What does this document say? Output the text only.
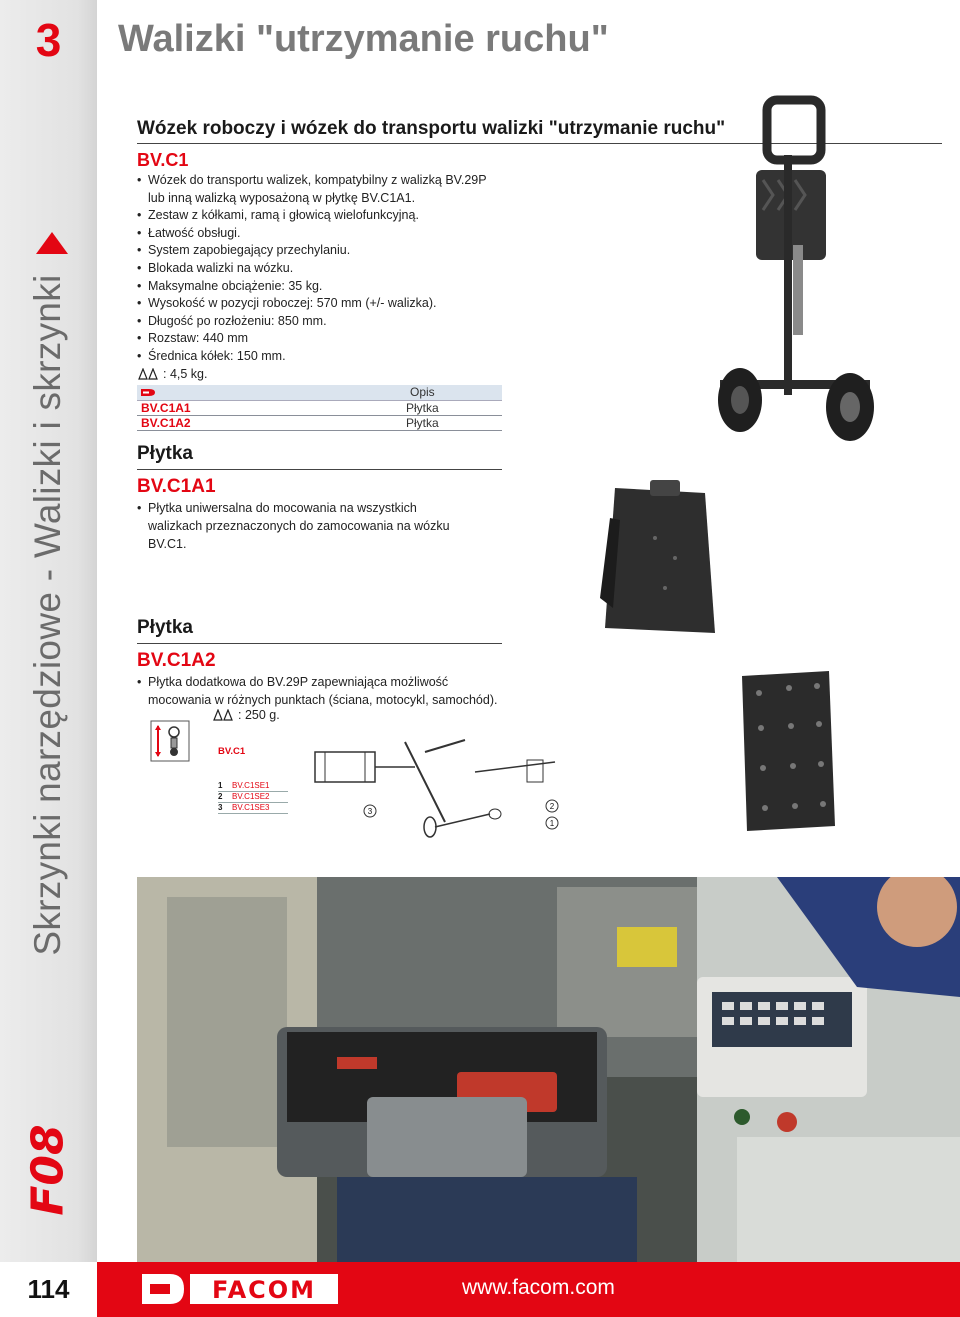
3
Skrzynki narzędziowe - Walizki i skrzynki
F08
Walizki "utrzymanie ruchu"
Wózek roboczy i wózek do transportu walizki "utrzymanie ruchu"
BV.C1
• Wózek do transportu walizek, kompatybilny z walizką BV.29P lub inną walizką wyposażoną w płytkę BV.C1A1.
• Zestaw z kółkami, ramą i głowicą wielofunkcyjną.
• Łatwość obsługi.
• System zapobiegający przechylaniu.
• Blokada walizki na wózku.
• Maksymalne obciążenie: 35 kg.
• Wysokość w pozycji roboczej: 570 mm (+/- walizka).
• Długość po rozłożeniu: 850 mm.
• Rozstaw: 440 mm
• Średnica kółek: 150 mm.
: 4,5 kg.
Opis
BV.C1A1	Płytka
BV.C1A2	Płytka
Płytka
BV.C1A1
• Płytka uniwersalna do mocowania na wszystkich walizkach przeznaczonych do zamocowania na wózku BV.C1.
Płytka
BV.C1A2
• Płytka dodatkowa do BV.29P zapewniająca możliwość mocowania w różnych punktach (ściana, motocykl, samochód).
: 250 g.
BV.C1
1	BV.C1SE1
2	BV.C1SE2
3	BV.C1SE3	3
2
1
114	FACOM	www.facom.com
